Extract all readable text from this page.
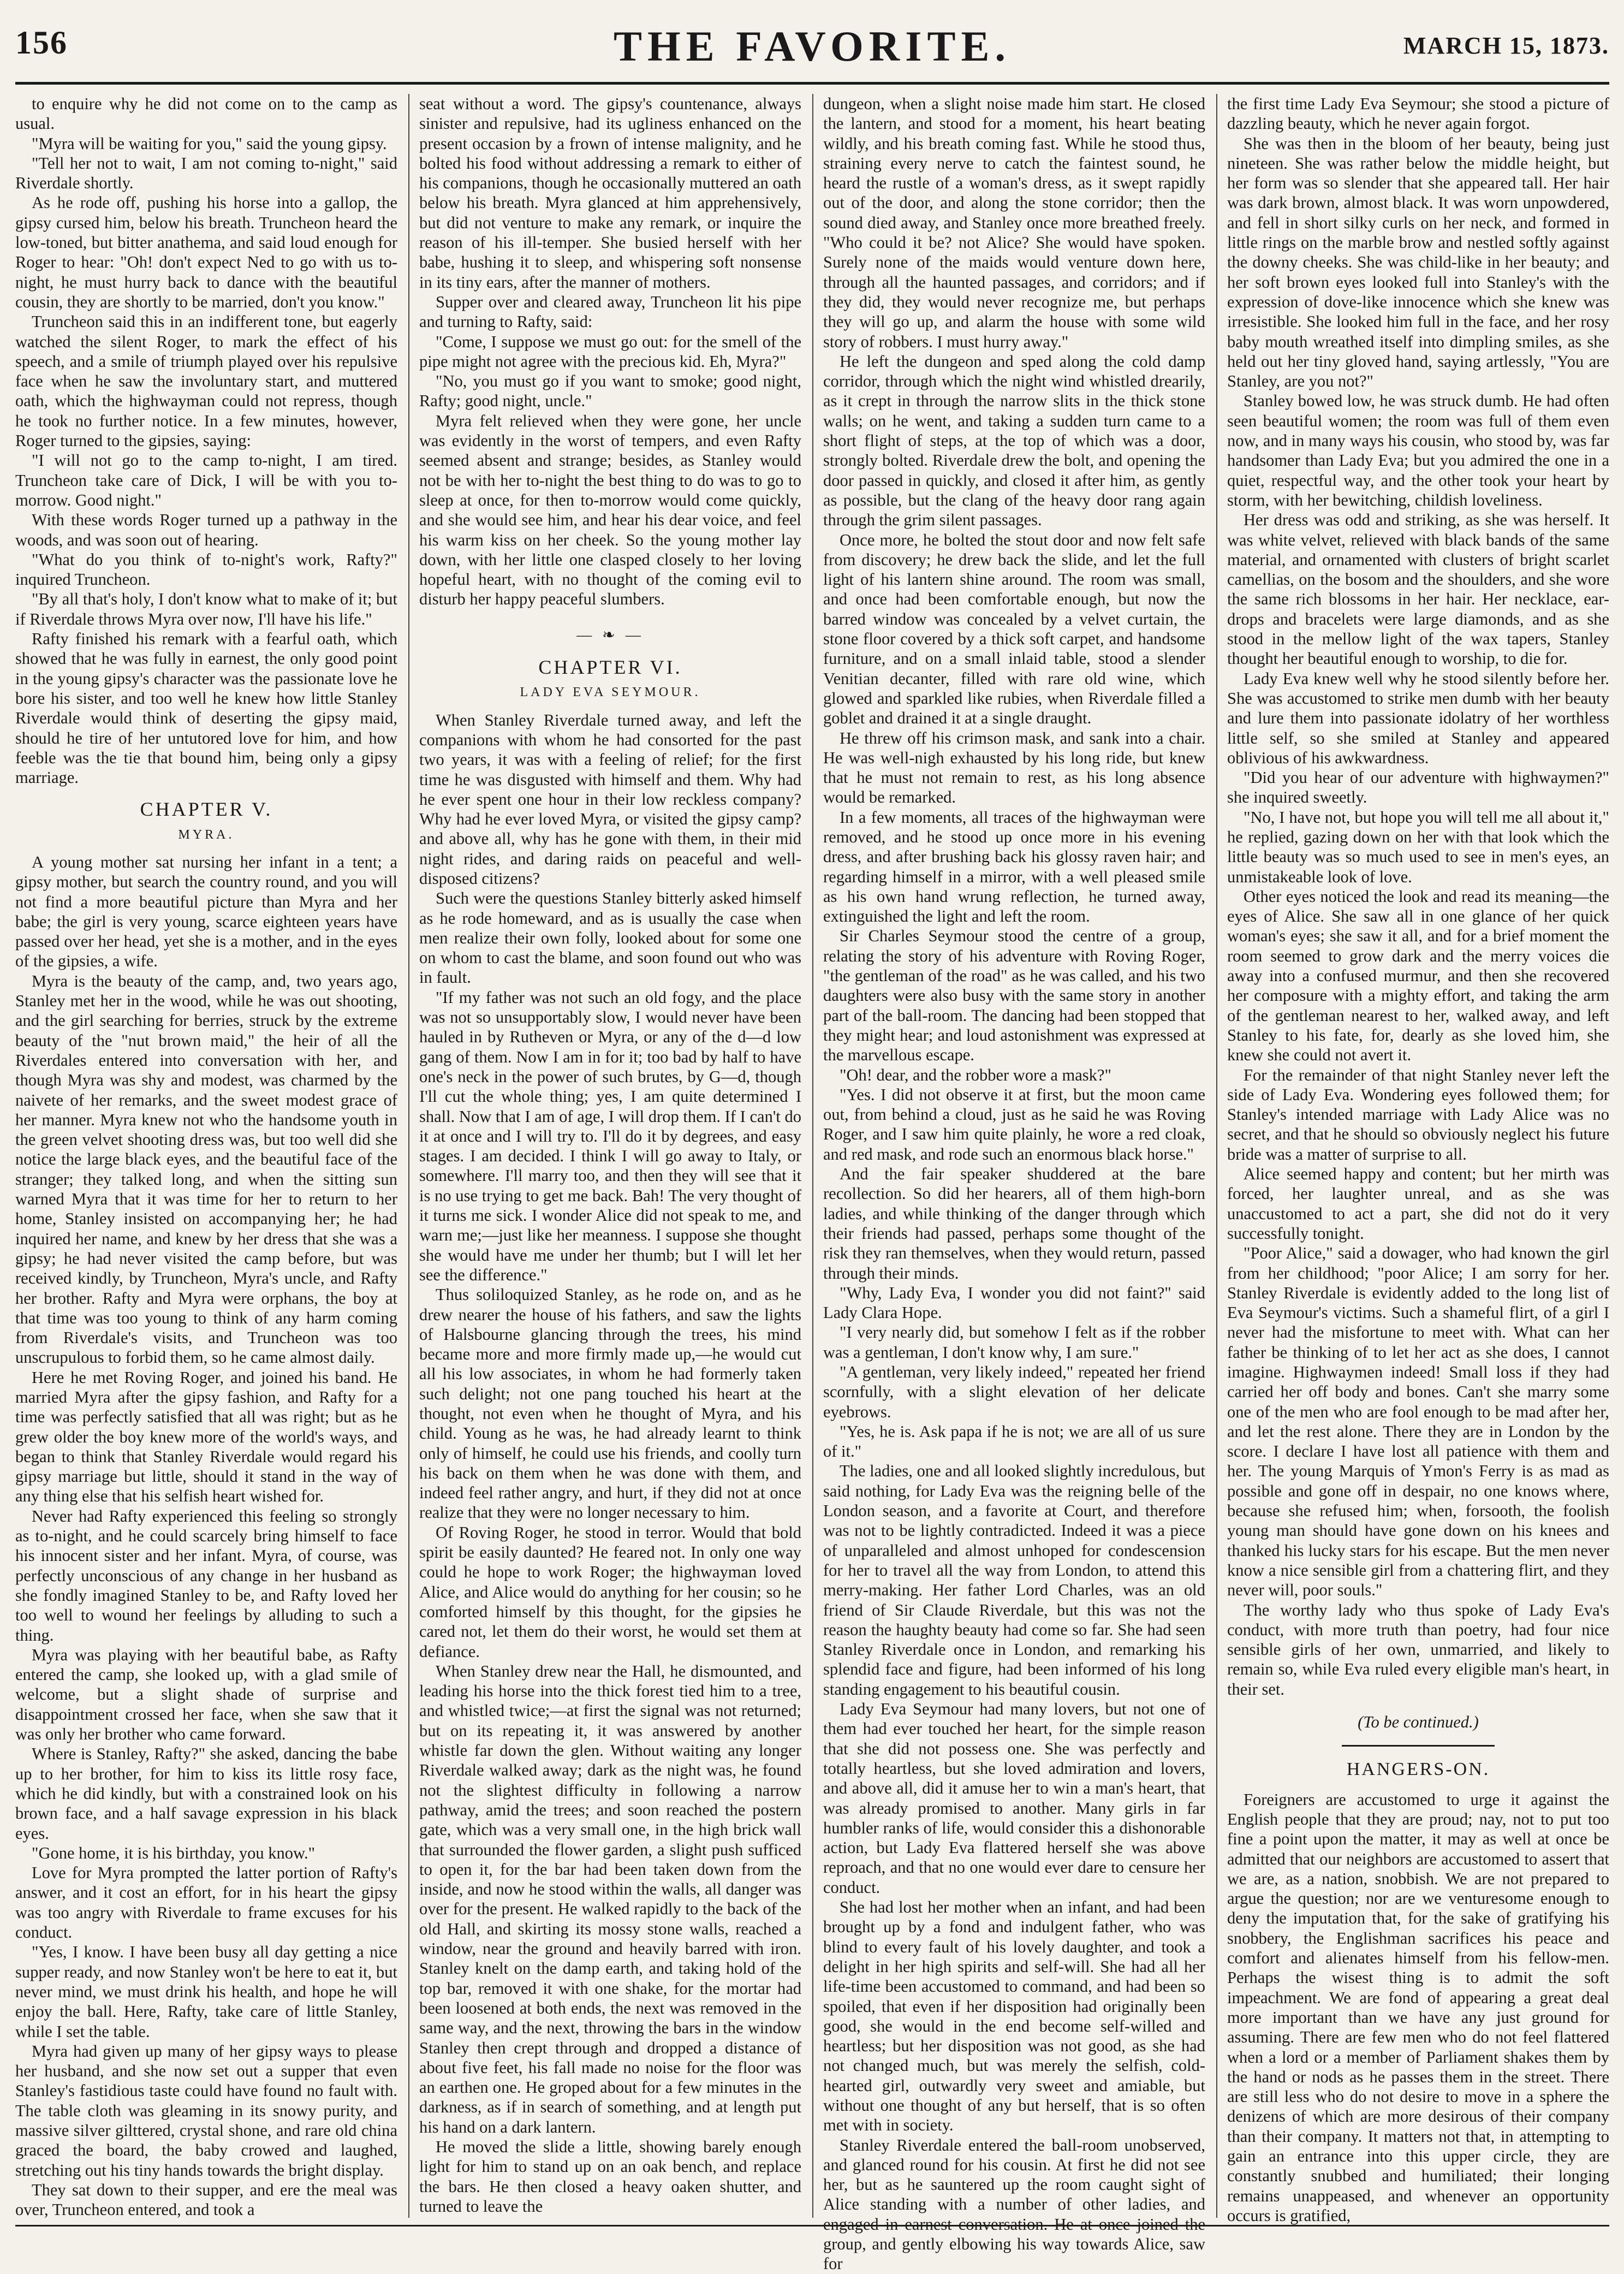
156	THE FAVORITE.	MARCH 15, 1873.

to enquire why he did not come on to the camp as usual.

"Myra will be waiting for you," said the young gipsy.

"Tell her not to wait, I am not coming to-night," said Riverdale shortly.

As he rode off, pushing his horse into a gallop, the gipsy cursed him, below his breath. Truncheon heard the low-toned, but bitter anathema, and said loud enough for Roger to hear: "Oh! don't expect Ned to go with us to-night, he must hurry back to dance with the beautiful cousin, they are shortly to be married, don't you know."

Truncheon said this in an indifferent tone, but eagerly watched the silent Roger, to mark the effect of his speech, and a smile of triumph played over his repulsive face when he saw the involuntary start, and muttered oath, which the highwayman could not repress, though he took no further notice. In a few minutes, however, Roger turned to the gipsies, saying:

"I will not go to the camp to-night, I am tired. Truncheon take care of Dick, I will be with you to-morrow. Good night."

With these words Roger turned up a pathway in the woods, and was soon out of hearing.

"What do you think of to-night's work, Rafty?" inquired Truncheon.

"By all that's holy, I don't know what to make of it; but if Riverdale throws Myra over now, I'll have his life."

Rafty finished his remark with a fearful oath, which showed that he was fully in earnest, the only good point in the young gipsy's character was the passionate love he bore his sister, and too well he knew how little Stanley Riverdale would think of deserting the gipsy maid, should he tire of her untutored love for him, and how feeble was the tie that bound him, being only a gipsy marriage.

CHAPTER V.
MYRA.

A young mother sat nursing her infant in a tent; a gipsy mother, but search the country round, and you will not find a more beautiful picture than Myra and her babe; the girl is very young, scarce eighteen years have passed over her head, yet she is a mother, and in the eyes of the gipsies, a wife.

Myra is the beauty of the camp, and, two years ago, Stanley met her in the wood, while he was out shooting, and the girl searching for berries, struck by the extreme beauty of the "nut brown maid," the heir of all the Riverdales entered into conversation with her, and though Myra was shy and modest, was charmed by the naivete of her remarks, and the sweet modest grace of her manner. Myra knew not who the handsome youth in the green velvet shooting dress was, but too well did she notice the large black eyes, and the beautiful face of the stranger; they talked long, and when the sitting sun warned Myra that it was time for her to return to her home, Stanley insisted on accompanying her; he had inquired her name, and knew by her dress that she was a gipsy; he had never visited the camp before, but was received kindly, by Truncheon, Myra's uncle, and Rafty her brother. Rafty and Myra were orphans, the boy at that time was too young to think of any harm coming from Riverdale's visits, and Truncheon was too unscrupulous to forbid them, so he came almost daily.

Here he met Roving Roger, and joined his band. He married Myra after the gipsy fashion, and Rafty for a time was perfectly satisfied that all was right; but as he grew older the boy knew more of the world's ways, and began to think that Stanley Riverdale would regard his gipsy marriage but little, should it stand in the way of any thing else that his selfish heart wished for.

Never had Rafty experienced this feeling so strongly as to-night, and he could scarcely bring himself to face his innocent sister and her infant. Myra, of course, was perfectly unconscious of any change in her husband as she fondly imagined Stanley to be, and Rafty loved her too well to wound her feelings by alluding to such a thing.

Myra was playing with her beautiful babe, as Rafty entered the camp, she looked up, with a glad smile of welcome, but a slight shade of surprise and disappointment crossed her face, when she saw that it was only her brother who came forward.

Where is Stanley, Rafty?" she asked, dancing the babe up to her brother, for him to kiss its little rosy face, which he did kindly, but with a constrained look on his brown face, and a half savage expression in his black eyes.

"Gone home, it is his birthday, you know."

Love for Myra prompted the latter portion of Rafty's answer, and it cost an effort, for in his heart the gipsy was too angry with Riverdale to frame excuses for his conduct.

"Yes, I know. I have been busy all day getting a nice supper ready, and now Stanley won't be here to eat it, but never mind, we must drink his health, and hope he will enjoy the ball. Here, Rafty, take care of little Stanley, while I set the table.

Myra had given up many of her gipsy ways to please her husband, and she now set out a supper that even Stanley's fastidious taste could have found no fault with. The table cloth was gleaming in its snowy purity, and massive silver gilttered, crystal shone, and rare old china graced the board, the baby crowed and laughed, stretching out his tiny hands towards the bright display.

They sat down to their supper, and ere the meal was over, Truncheon entered, and took a

seat without a word. The gipsy's countenance, always sinister and repulsive, had its ugliness enhanced on the present occasion by a frown of intense malignity, and he bolted his food without addressing a remark to either of his companions, though he occasionally muttered an oath below his breath. Myra glanced at him apprehensively, but did not venture to make any remark, or inquire the reason of his ill-temper. She busied herself with her babe, hushing it to sleep, and whispering soft nonsense in its tiny ears, after the manner of mothers.

Supper over and cleared away, Truncheon lit his pipe and turning to Rafty, said:

"Come, I suppose we must go out: for the smell of the pipe might not agree with the precious kid. Eh, Myra?"

"No, you must go if you want to smoke; good night, Rafty; good night, uncle."

Myra felt relieved when they were gone, her uncle was evidently in the worst of tempers, and even Rafty seemed absent and strange; besides, as Stanley would not be with her to-night the best thing to do was to go to sleep at once, for then to-morrow would come quickly, and she would see him, and hear his dear voice, and feel his warm kiss on her cheek. So the young mother lay down, with her little one clasped closely to her loving hopeful heart, with no thought of the coming evil to disturb her happy peaceful slumbers.

— ❧ —
CHAPTER VI.
LADY EVA SEYMOUR.

When Stanley Riverdale turned away, and left the companions with whom he had consorted for the past two years, it was with a feeling of relief; for the first time he was disgusted with himself and them. Why had he ever spent one hour in their low reckless company? Why had he ever loved Myra, or visited the gipsy camp? and above all, why has he gone with them, in their mid night rides, and daring raids on peaceful and well-disposed citizens?

Such were the questions Stanley bitterly asked himself as he rode homeward, and as is usually the case when men realize their own folly, looked about for some one on whom to cast the blame, and soon found out who was in fault.

"If my father was not such an old fogy, and the place was not so unsupportably slow, I would never have been hauled in by Rutheven or Myra, or any of the d—d low gang of them. Now I am in for it; too bad by half to have one's neck in the power of such brutes, by G—d, though I'll cut the whole thing; yes, I am quite determined I shall. Now that I am of age, I will drop them. If I can't do it at once and I will try to. I'll do it by degrees, and easy stages. I am decided. I think I will go away to Italy, or somewhere. I'll marry too, and then they will see that it is no use trying to get me back. Bah! The very thought of it turns me sick. I wonder Alice did not speak to me, and warn me;—just like her meanness. I suppose she thought she would have me under her thumb; but I will let her see the difference."

Thus soliloquized Stanley, as he rode on, and as he drew nearer the house of his fathers, and saw the lights of Halsbourne glancing through the trees, his mind became more and more firmly made up,—he would cut all his low associates, in whom he had formerly taken such delight; not one pang touched his heart at the thought, not even when he thought of Myra, and his child. Young as he was, he had already learnt to think only of himself, he could use his friends, and coolly turn his back on them when he was done with them, and indeed feel rather angry, and hurt, if they did not at once realize that they were no longer necessary to him.

Of Roving Roger, he stood in terror. Would that bold spirit be easily daunted? He feared not. In only one way could he hope to work Roger; the highwayman loved Alice, and Alice would do anything for her cousin; so he comforted himself by this thought, for the gipsies he cared not, let them do their worst, he would set them at defiance.

When Stanley drew near the Hall, he dismounted, and leading his horse into the thick forest tied him to a tree, and whistled twice;—at first the signal was not returned; but on its repeating it, it was answered by another whistle far down the glen. Without waiting any longer Riverdale walked away; dark as the night was, he found not the slightest difficulty in following a narrow pathway, amid the trees; and soon reached the postern gate, which was a very small one, in the high brick wall that surrounded the flower garden, a slight push sufficed to open it, for the bar had been taken down from the inside, and now he stood within the walls, all danger was over for the present. He walked rapidly to the back of the old Hall, and skirting its mossy stone walls, reached a window, near the ground and heavily barred with iron. Stanley knelt on the damp earth, and taking hold of the top bar, removed it with one shake, for the mortar had been loosened at both ends, the next was removed in the same way, and the next, throwing the bars in the window Stanley then crept through and dropped a distance of about five feet, his fall made no noise for the floor was an earthen one. He groped about for a few minutes in the darkness, as if in search of something, and at length put his hand on a dark lantern.

He moved the slide a little, showing barely enough light for him to stand up on an oak bench, and replace the bars. He then closed a heavy oaken shutter, and turned to leave the

dungeon, when a slight noise made him start. He closed the lantern, and stood for a moment, his heart beating wildly, and his breath coming fast. While he stood thus, straining every nerve to catch the faintest sound, he heard the rustle of a woman's dress, as it swept rapidly out of the door, and along the stone corridor; then the sound died away, and Stanley once more breathed freely. "Who could it be? not Alice? She would have spoken. Surely none of the maids would venture down here, through all the haunted passages, and corridors; and if they did, they would never recognize me, but perhaps they will go up, and alarm the house with some wild story of robbers. I must hurry away."

He left the dungeon and sped along the cold damp corridor, through which the night wind whistled drearily, as it crept in through the narrow slits in the thick stone walls; on he went, and taking a sudden turn came to a short flight of steps, at the top of which was a door, strongly bolted. Riverdale drew the bolt, and opening the door passed in quickly, and closed it after him, as gently as possible, but the clang of the heavy door rang again through the grim silent passages.

Once more, he bolted the stout door and now felt safe from discovery; he drew back the slide, and let the full light of his lantern shine around. The room was small, and once had been comfortable enough, but now the barred window was concealed by a velvet curtain, the stone floor covered by a thick soft carpet, and handsome furniture, and on a small inlaid table, stood a slender Venitian decanter, filled with rare old wine, which glowed and sparkled like rubies, when Riverdale filled a goblet and drained it at a single draught.

He threw off his crimson mask, and sank into a chair. He was well-nigh exhausted by his long ride, but knew that he must not remain to rest, as his long absence would be remarked.

In a few moments, all traces of the highwayman were removed, and he stood up once more in his evening dress, and after brushing back his glossy raven hair; and regarding himself in a mirror, with a well pleased smile as his own hand wrung reflection, he turned away, extinguished the light and left the room.

Sir Charles Seymour stood the centre of a group, relating the story of his adventure with Roving Roger, "the gentleman of the road" as he was called, and his two daughters were also busy with the same story in another part of the ball-room. The dancing had been stopped that they might hear; and loud astonishment was expressed at the marvellous escape.

"Oh! dear, and the robber wore a mask?"

"Yes. I did not observe it at first, but the moon came out, from behind a cloud, just as he said he was Roving Roger, and I saw him quite plainly, he wore a red cloak, and red mask, and rode such an enormous black horse."

And the fair speaker shuddered at the bare recollection. So did her hearers, all of them high-born ladies, and while thinking of the danger through which their friends had passed, perhaps some thought of the risk they ran themselves, when they would return, passed through their minds.

"Why, Lady Eva, I wonder you did not faint?" said Lady Clara Hope.

"I very nearly did, but somehow I felt as if the robber was a gentleman, I don't know why, I am sure."

"A gentleman, very likely indeed," repeated her friend scornfully, with a slight elevation of her delicate eyebrows.

"Yes, he is. Ask papa if he is not; we are all of us sure of it."

The ladies, one and all looked slightly incredulous, but said nothing, for Lady Eva was the reigning belle of the London season, and a favorite at Court, and therefore was not to be lightly contradicted. Indeed it was a piece of unparalleled and almost unhoped for condescension for her to travel all the way from London, to attend this merry-making. Her father Lord Charles, was an old friend of Sir Claude Riverdale, but this was not the reason the haughty beauty had come so far. She had seen Stanley Riverdale once in London, and remarking his splendid face and figure, had been informed of his long standing engagement to his beautiful cousin.

Lady Eva Seymour had many lovers, but not one of them had ever touched her heart, for the simple reason that she did not possess one. She was perfectly and totally heartless, but she loved admiration and lovers, and above all, did it amuse her to win a man's heart, that was already promised to another. Many girls in far humbler ranks of life, would consider this a dishonorable action, but Lady Eva flattered herself she was above reproach, and that no one would ever dare to censure her conduct.

She had lost her mother when an infant, and had been brought up by a fond and indulgent father, who was blind to every fault of his lovely daughter, and took a delight in her high spirits and self-will. She had all her life-time been accustomed to command, and had been so spoiled, that even if her disposition had originally been good, she would in the end become self-willed and heartless; but her disposition was not good, as she had not changed much, but was merely the selfish, cold-hearted girl, outwardly very sweet and amiable, but without one thought of any but herself, that is so often met with in society.

Stanley Riverdale entered the ball-room unobserved, and glanced round for his cousin. At first he did not see her, but as he sauntered up the room caught sight of Alice standing with a number of other ladies, and engaged in earnest conversation. He at once joined the group, and gently elbowing his way towards Alice, saw for

the first time Lady Eva Seymour; she stood a picture of dazzling beauty, which he never again forgot.

She was then in the bloom of her beauty, being just nineteen. She was rather below the middle height, but her form was so slender that she appeared tall. Her hair was dark brown, almost black. It was worn unpowdered, and fell in short silky curls on her neck, and formed in little rings on the marble brow and nestled softly against the downy cheeks. She was child-like in her beauty; and her soft brown eyes looked full into Stanley's with the expression of dove-like innocence which she knew was irresistible. She looked him full in the face, and her rosy baby mouth wreathed itself into dimpling smiles, as she held out her tiny gloved hand, saying artlessly, "You are Stanley, are you not?"

Stanley bowed low, he was struck dumb. He had often seen beautiful women; the room was full of them even now, and in many ways his cousin, who stood by, was far handsomer than Lady Eva; but you admired the one in a quiet, respectful way, and the other took your heart by storm, with her bewitching, childish loveliness.

Her dress was odd and striking, as she was herself. It was white velvet, relieved with black bands of the same material, and ornamented with clusters of bright scarlet camellias, on the bosom and the shoulders, and she wore the same rich blossoms in her hair. Her necklace, ear-drops and bracelets were large diamonds, and as she stood in the mellow light of the wax tapers, Stanley thought her beautiful enough to worship, to die for.

Lady Eva knew well why he stood silently before her. She was accustomed to strike men dumb with her beauty and lure them into passionate idolatry of her worthless little self, so she smiled at Stanley and appeared oblivious of his awkwardness.

"Did you hear of our adventure with highwaymen?" she inquired sweetly.

"No, I have not, but hope you will tell me all about it," he replied, gazing down on her with that look which the little beauty was so much used to see in men's eyes, an unmistakeable look of love.

Other eyes noticed the look and read its meaning—the eyes of Alice. She saw all in one glance of her quick woman's eyes; she saw it all, and for a brief moment the room seemed to grow dark and the merry voices die away into a confused murmur, and then she recovered her composure with a mighty effort, and taking the arm of the gentleman nearest to her, walked away, and left Stanley to his fate, for, dearly as she loved him, she knew she could not avert it.

For the remainder of that night Stanley never left the side of Lady Eva. Wondering eyes followed them; for Stanley's intended marriage with Lady Alice was no secret, and that he should so obviously neglect his future bride was a matter of surprise to all.

Alice seemed happy and content; but her mirth was forced, her laughter unreal, and as she was unaccustomed to act a part, she did not do it very successfully tonight.

"Poor Alice," said a dowager, who had known the girl from her childhood; "poor Alice; I am sorry for her. Stanley Riverdale is evidently added to the long list of Eva Seymour's victims. Such a shameful flirt, of a girl I never had the misfortune to meet with. What can her father be thinking of to let her act as she does, I cannot imagine. Highwaymen indeed! Small loss if they had carried her off body and bones. Can't she marry some one of the men who are fool enough to be mad after her, and let the rest alone. There they are in London by the score. I declare I have lost all patience with them and her. The young Marquis of Ymon's Ferry is as mad as possible and gone off in despair, no one knows where, because she refused him; when, forsooth, the foolish young man should have gone down on his knees and thanked his lucky stars for his escape. But the men never know a nice sensible girl from a chattering flirt, and they never will, poor souls."

The worthy lady who thus spoke of Lady Eva's conduct, with more truth than poetry, had four nice sensible girls of her own, unmarried, and likely to remain so, while Eva ruled every eligible man's heart, in their set.

(To be continued.)
HANGERS-ON.

Foreigners are accustomed to urge it against the English people that they are proud; nay, not to put too fine a point upon the matter, it may as well at once be admitted that our neighbors are accustomed to assert that we are, as a nation, snobbish. We are not prepared to argue the question; nor are we venturesome enough to deny the imputation that, for the sake of gratifying his snobbery, the Englishman sacrifices his peace and comfort and alienates himself from his fellow-men. Perhaps the wisest thing is to admit the soft impeachment. We are fond of appearing a great deal more important than we have any just ground for assuming. There are few men who do not feel flattered when a lord or a member of Parliament shakes them by the hand or nods as he passes them in the street. There are still less who do not desire to move in a sphere the denizens of which are more desirous of their company than their company. It matters not that, in attempting to gain an entrance into this upper circle, they are constantly snubbed and humiliated; their longing remains unappeased, and whenever an opportunity occurs is gratified,
